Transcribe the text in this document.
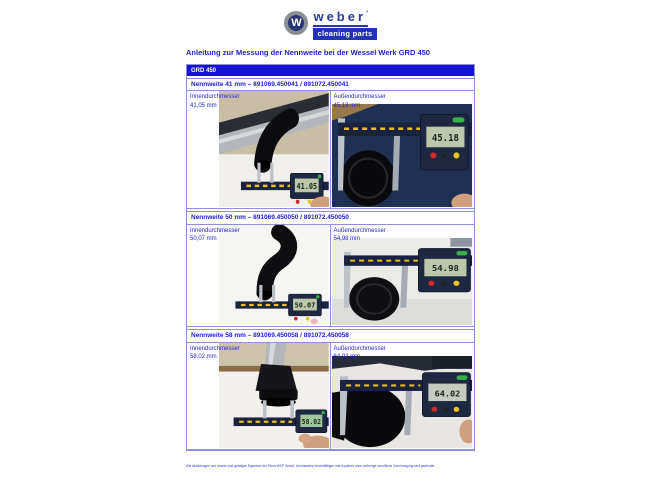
W weber’
cleaning parts
Anleitung zur Messung der Nennweite bei der Wessel Werk GRD 450
GRD 450
Nennweite 41 mm – 891069.450041 / 891072.450041
Innendurchmesser
41,05 mm
41.05
Außendurchmesser
45,18 mm
45.18
Nennweite 50 mm – 891069.450050 / 891072.450050
Innendurchmesser
50,07 mm
50.07
Außendurchmesser
54,98 mm
54.98
Nennweite 58 mm – 891069.450058 / 891072.450058
Innendurchmesser
58,02 mm
58.02
Außendurchmesser
64,02 mm
64.02
Alle Abbildungen und Inhalte sind geistiges Eigentum der Firma WCP GmbH. Unerlaubtes Vervielfältigen und Kopieren ohne vorherige schriftliche Genehmigung wird geahndet.
